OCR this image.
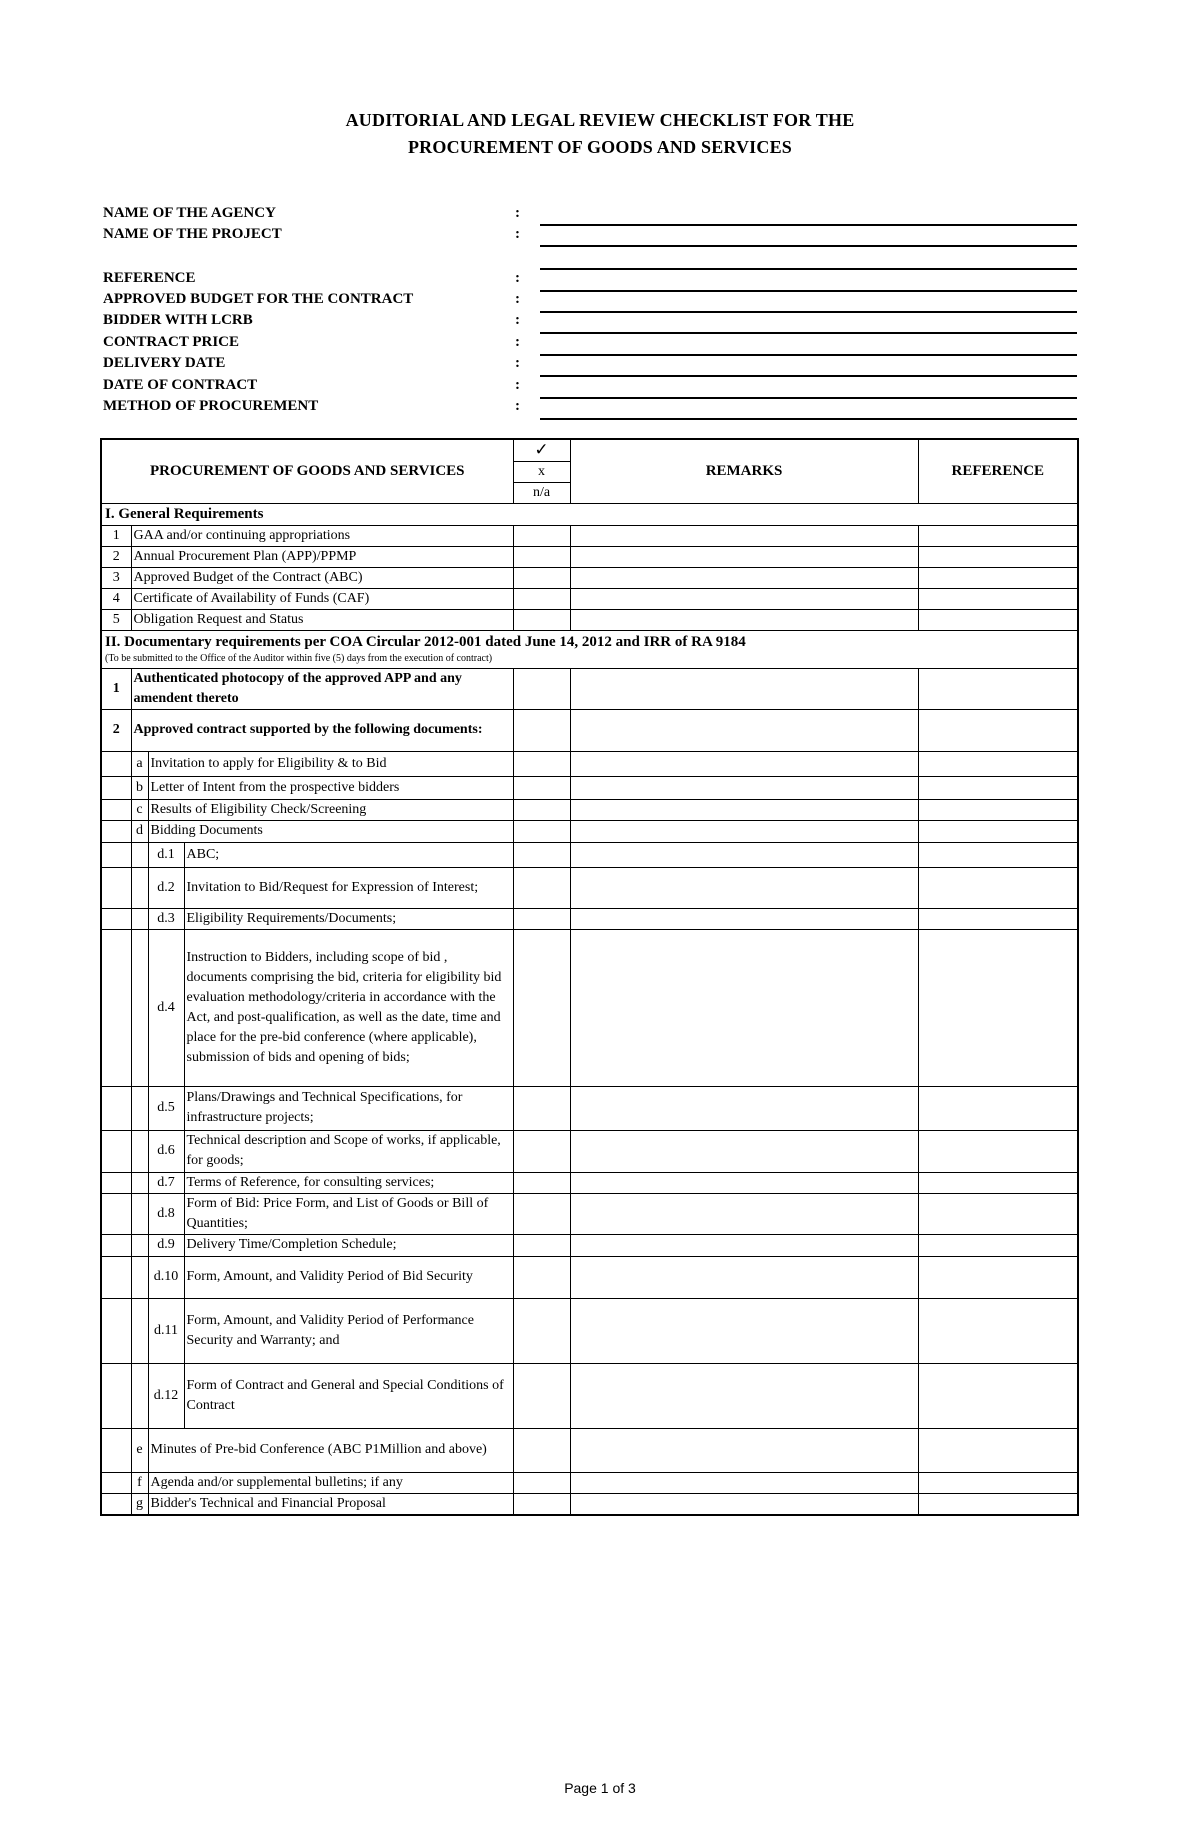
AUDITORIAL AND LEGAL REVIEW CHECKLIST FOR THE
PROCUREMENT OF GOODS AND SERVICES
NAME OF THE AGENCY	:
NAME OF THE PROJECT	:
REFERENCE	:
APPROVED BUDGET FOR THE CONTRACT	:
BIDDER WITH LCRB	:
CONTRACT PRICE	:
DELIVERY DATE	:
DATE OF CONTRACT	:
METHOD OF PROCUREMENT	:
PROCUREMENT OF GOODS AND SERVICES				✓	REMARKS	REFERENCE
				x		
				n/a		
I. General Requirements						
1	GAA and/or continuing appropriations					
2	Annual Procurement Plan (APP)/PPMP					
3	Approved Budget of the Contract (ABC)					
4	Certificate of Availability of Funds (CAF)					
5	Obligation Request and Status					
II. Documentary requirements per COA Circular 2012-001 dated June 14, 2012 and IRR of RA 9184
(To be submitted to the Office of the Auditor within five (5) days from the execution of contract)						

1	Authenticated photocopy of the approved APP and any amendent thereto					
2	Approved contract supported by the following documents:					
	a	Invitation to apply for Eligibility & to Bid				
	b	Letter of Intent from the prospective bidders				
	c	Results of Eligibility Check/Screening				
	d	Bidding Documents				
		d.1	ABC;			
		d.2	Invitation to Bid/Request for Expression of Interest;			
		d.3	Eligibility Requirements/Documents;			
		d.4	Instruction to Bidders, including scope of bid , documents comprising the bid, criteria for eligibility bid evaluation methodology/criteria in accordance with the Act, and post-qualification, as well as the date, time and place for the pre-bid conference (where applicable), submission of bids and opening of bids;			
		d.5	Plans/Drawings and Technical Specifications, for infrastructure projects;			
		d.6	Technical description and Scope of works, if applicable, for goods;			
		d.7	Terms of Reference, for consulting services;			
		d.8	Form of Bid: Price Form, and List of Goods or Bill of Quantities;			
		d.9	Delivery Time/Completion Schedule;			
		d.10	Form, Amount, and Validity Period of Bid Security			
		d.11	Form, Amount, and Validity Period of Performance Security and Warranty; and			
		d.12	Form of Contract and General and Special Conditions of Contract			
	e	Minutes of Pre-bid Conference (ABC P1Million and above)				
	f	Agenda and/or supplemental bulletins; if any				
	g	Bidder's Technical and Financial Proposal				
Page 1 of 3
